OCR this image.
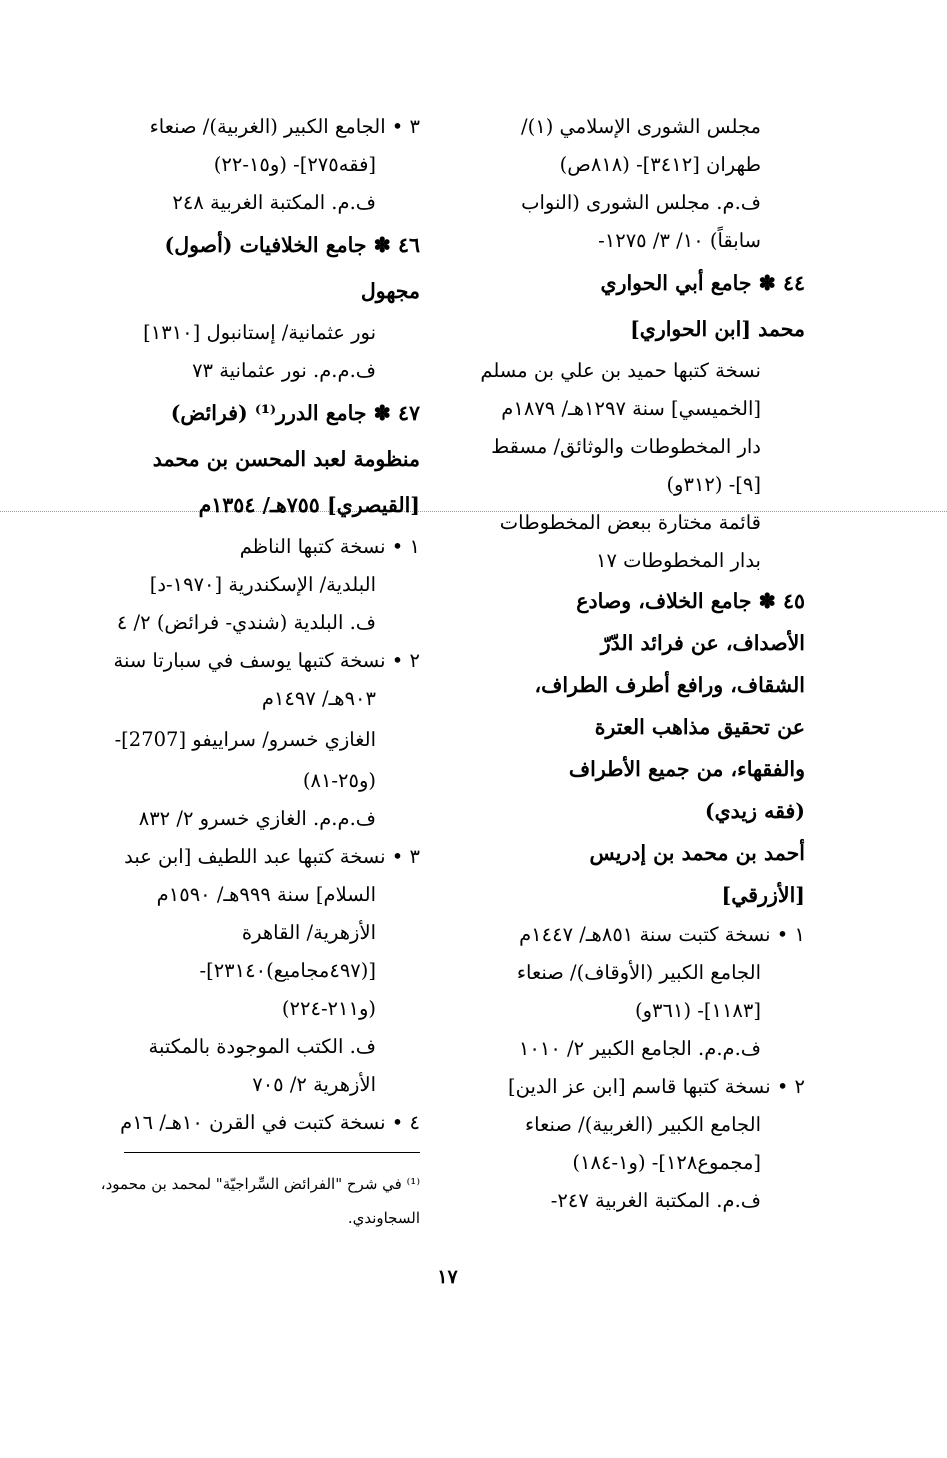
مجلس الشورى الإسلامي (١)/
طهران [٣٤١٢]- (٨١٨ص)
ف.م. مجلس الشورى (النواب
سابقاً) ١٠/ ٣/ ١٢٧٥-
٤٤ ✽ جامع أبي الحواري
محمد [ابن الحواري]
نسخة كتبها حميد بن علي بن مسلم
[الخميسي] سنة ١٢٩٧هـ/ ١٨٧٩م
دار المخطوطات والوثائق/ مسقط
[٩]- (٣١٢و)
قائمة مختارة ببعض المخطوطات
بدار المخطوطات ١٧
٤٥ ✽ جامع الخلاف، وصادع
الأصداف، عن فرائد الدّرّ
الشقاف، ورافع أطرف الطراف،
عن تحقيق مذاهب العترة
والفقهاء، من جميع الأطراف
(فقه زيدي)
أحمد بن محمد بن إدريس
[الأزرقي]
١ • نسخة كتبت سنة ٨٥١هـ/ ١٤٤٧م
الجامع الكبير (الأوقاف)/ صنعاء
[١١٨٣]- (٣٦١و)
ف.م.م. الجامع الكبير ٢/ ١٠١٠
٢ • نسخة كتبها قاسم [ابن عز الدين]
الجامع الكبير (الغربية)/ صنعاء
[مجموع١٢٨]- (و١-١٨٤)
ف.م. المكتبة الغربية ٢٤٧-
٣ • الجامع الكبير (الغربية)/ صنعاء
[فقه٢٧٥]- (و١٥-٢٢)
ف.م. المكتبة الغربية ٢٤٨
٤٦ ✽ جامع الخلافيات (أصول)
مجهول
نور عثمانية/ إستانبول [١٣١٠]
ف.م.م. نور عثمانية ٧٣
٤٧ ✽ جامع الدرر⁽¹⁾ (فرائض)
منظومة لعبد المحسن بن محمد
[القيصري] ٧٥٥هـ/ ١٣٥٤م
١ • نسخة كتبها الناظم
البلدية/ الإسكندرية [١٩٧٠-د]
ف. البلدية (شندي- فرائض) ٢/ ٤
٢ • نسخة كتبها يوسف في سبارتا سنة
٩٠٣هـ/ ١٤٩٧م
الغازي خسرو/ سراييفو [2707]-
(و٢٥-٨١)
ف.م.م. الغازي خسرو ٢/ ٨٣٢
٣ • نسخة كتبها عبد اللطيف [ابن عبد
السلام] سنة ٩٩٩هـ/ ١٥٩٠م
الأزهرية/ القاهرة
[(٤٩٧مجاميع)٢٣١٤٠]-
(و٢١١-٢٢٤)
ف. الكتب الموجودة بالمكتبة
الأزهرية ٢/ ٧٠٥
٤ • نسخة كتبت في القرن ١٠هـ/ ١٦م
⁽¹⁾ في شرح "الفرائض السِّراجيّة" لمحمد بن محمود،
السجاوندي.
١٧
